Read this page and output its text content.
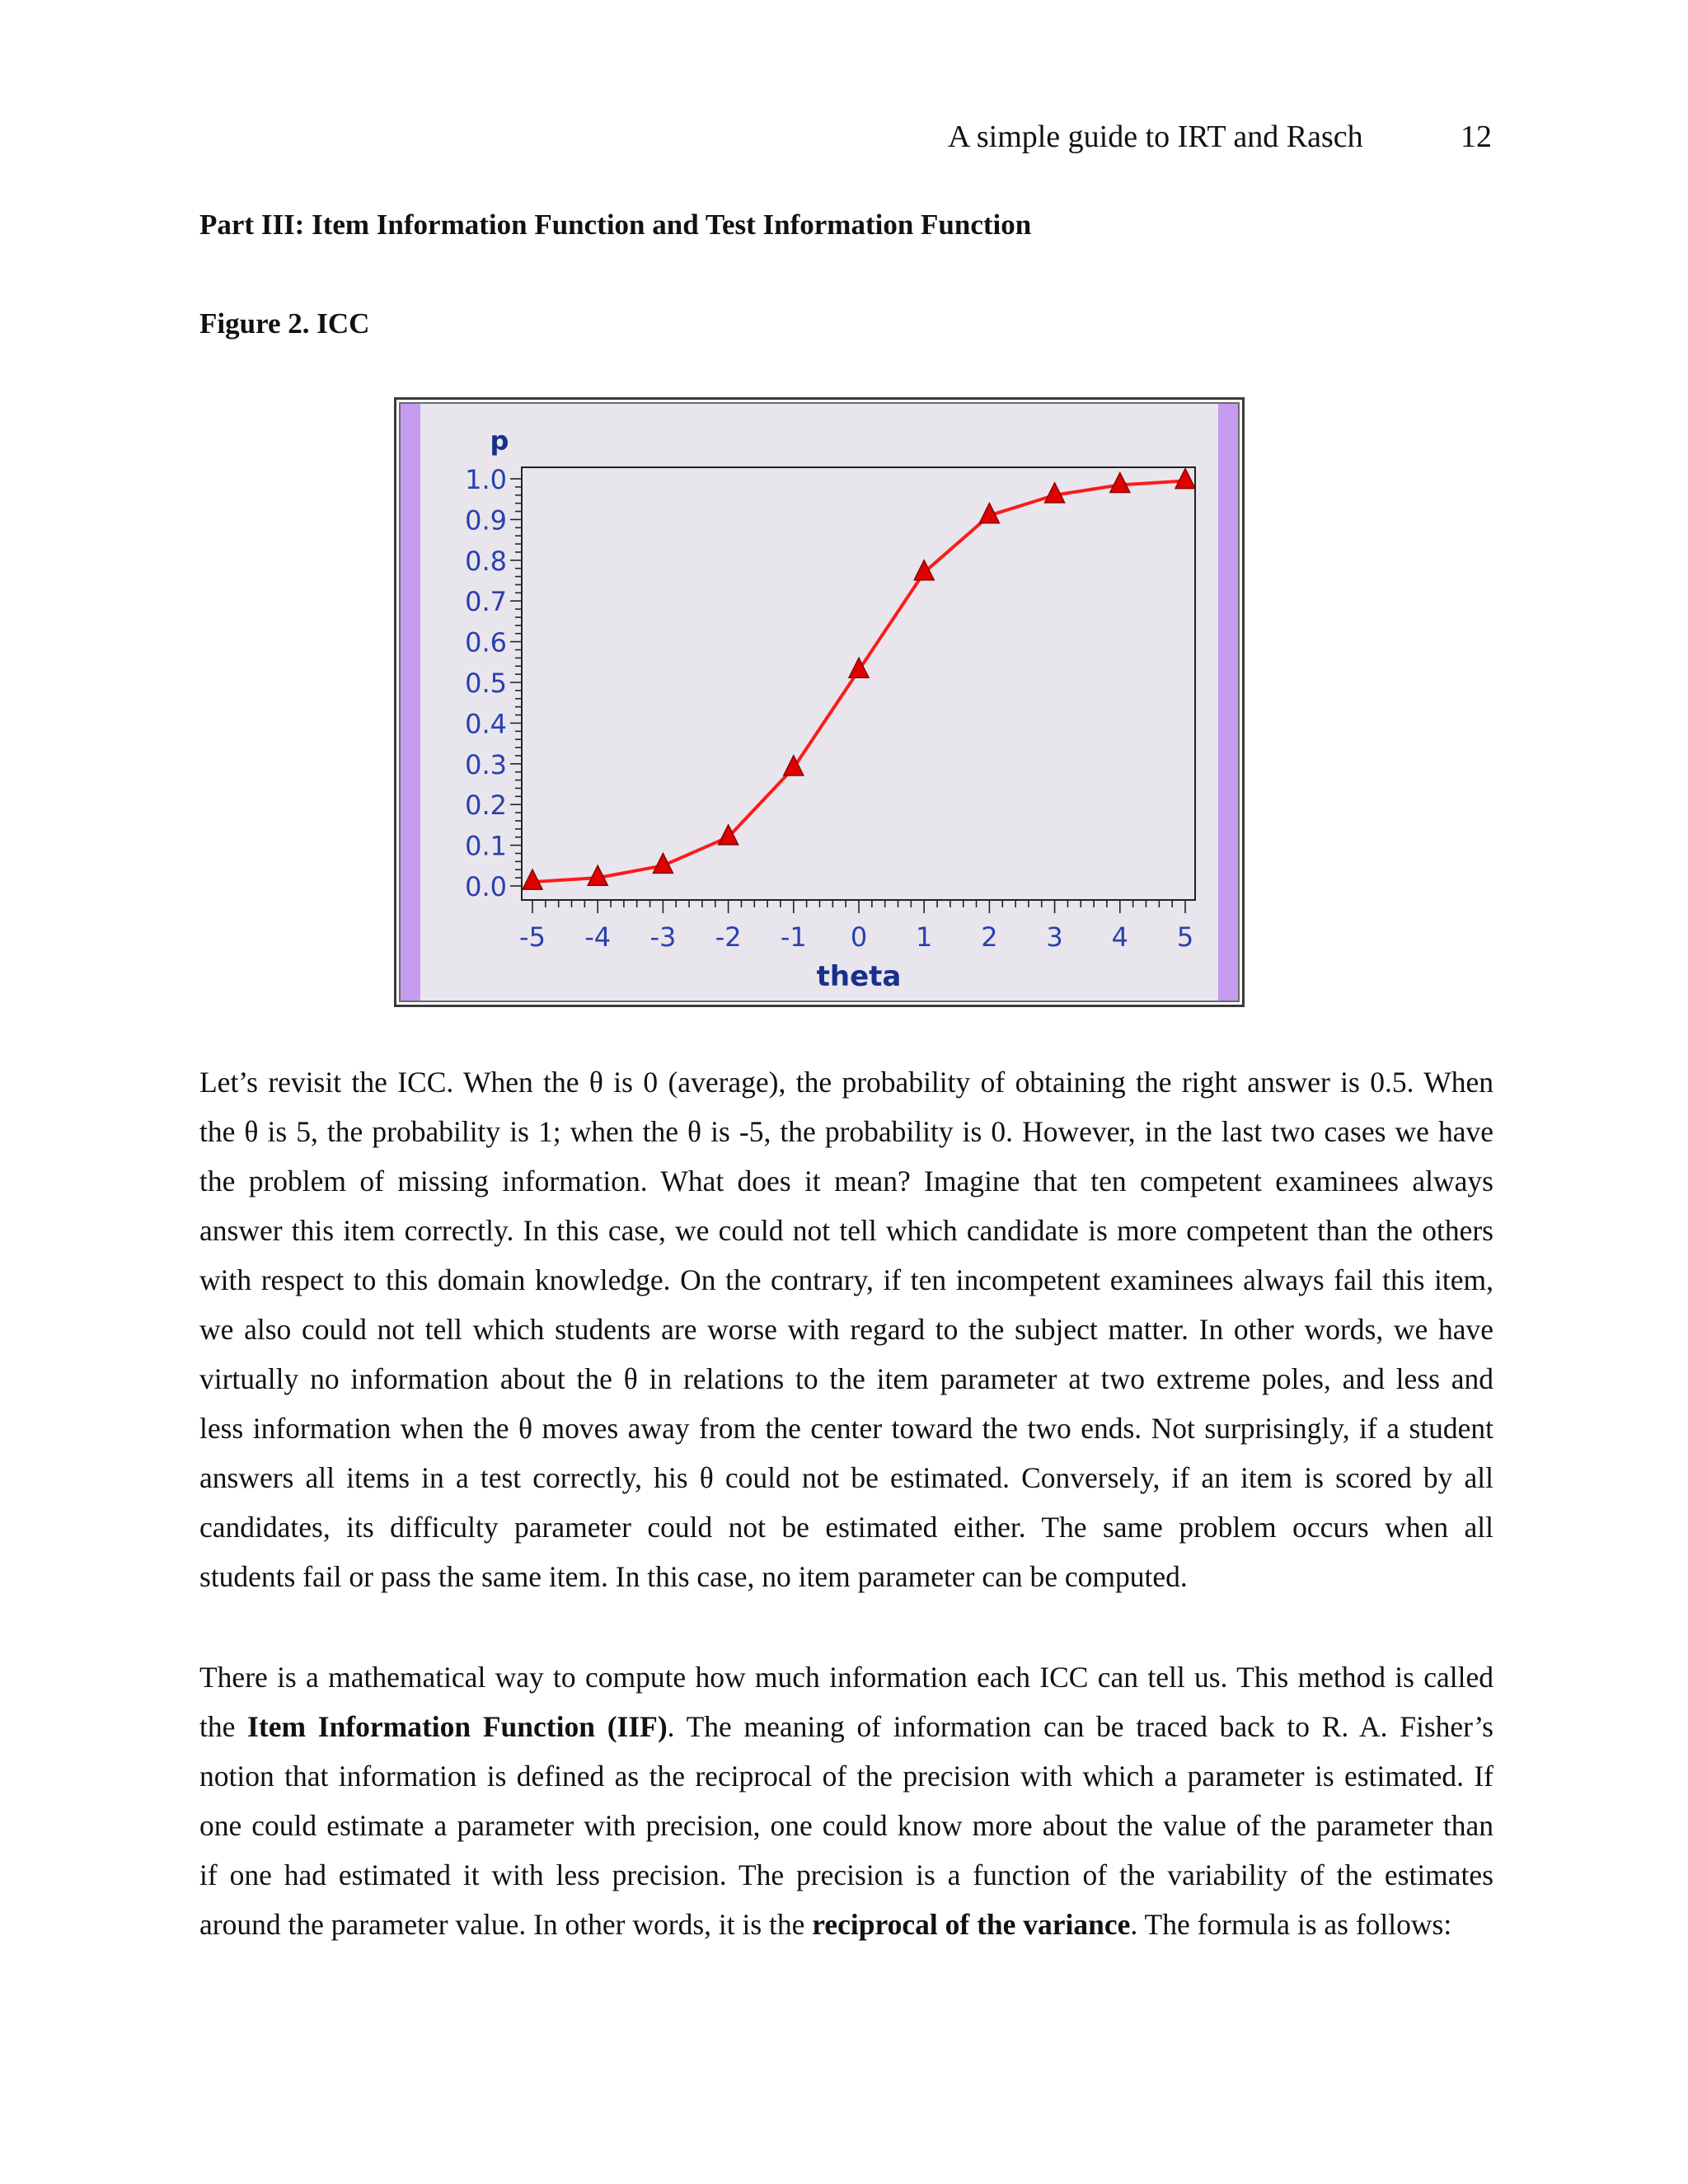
A simple guide to IRT and Rasch	12
Part III: Item Information Function and Test Information Function
Figure 2. ICC
0.0
0.1
0.2
0.3
0.4
0.5
0.6
0.7
0.8
0.9
1.0
-5 -4 -3 -2 -1 0 1 2 3 4 5
p
theta
Let’s revisit the ICC. When the θ is 0 (average), the probability of obtaining the right answer is 0.5. When
the θ is 5, the probability is 1; when the θ is -5, the probability is 0. However, in the last two cases we have
the problem of missing information. What does it mean? Imagine that ten competent examinees always
answer this item correctly. In this case, we could not tell which candidate is more competent than the others
with respect to this domain knowledge. On the contrary, if ten incompetent examinees always fail this item,
we also could not tell which students are worse with regard to the subject matter. In other words, we have
virtually no information about the θ in relations to the item parameter at two extreme poles, and less and
less information when the θ moves away from the center toward the two ends. Not surprisingly, if a student
answers all items in a test correctly, his θ could not be estimated. Conversely, if an item is scored by all
candidates, its difficulty parameter could not be estimated either. The same problem occurs when all
students fail or pass the same item. In this case, no item parameter can be computed.
There is a mathematical way to compute how much information each ICC can tell us. This method is called
the Item Information Function (IIF). The meaning of information can be traced back to R. A. Fisher’s
notion that information is defined as the reciprocal of the precision with which a parameter is estimated. If
one could estimate a parameter with precision, one could know more about the value of the parameter than
if one had estimated it with less precision. The precision is a function of the variability of the estimates
around the parameter value. In other words, it is the reciprocal of the variance. The formula is as follows:
